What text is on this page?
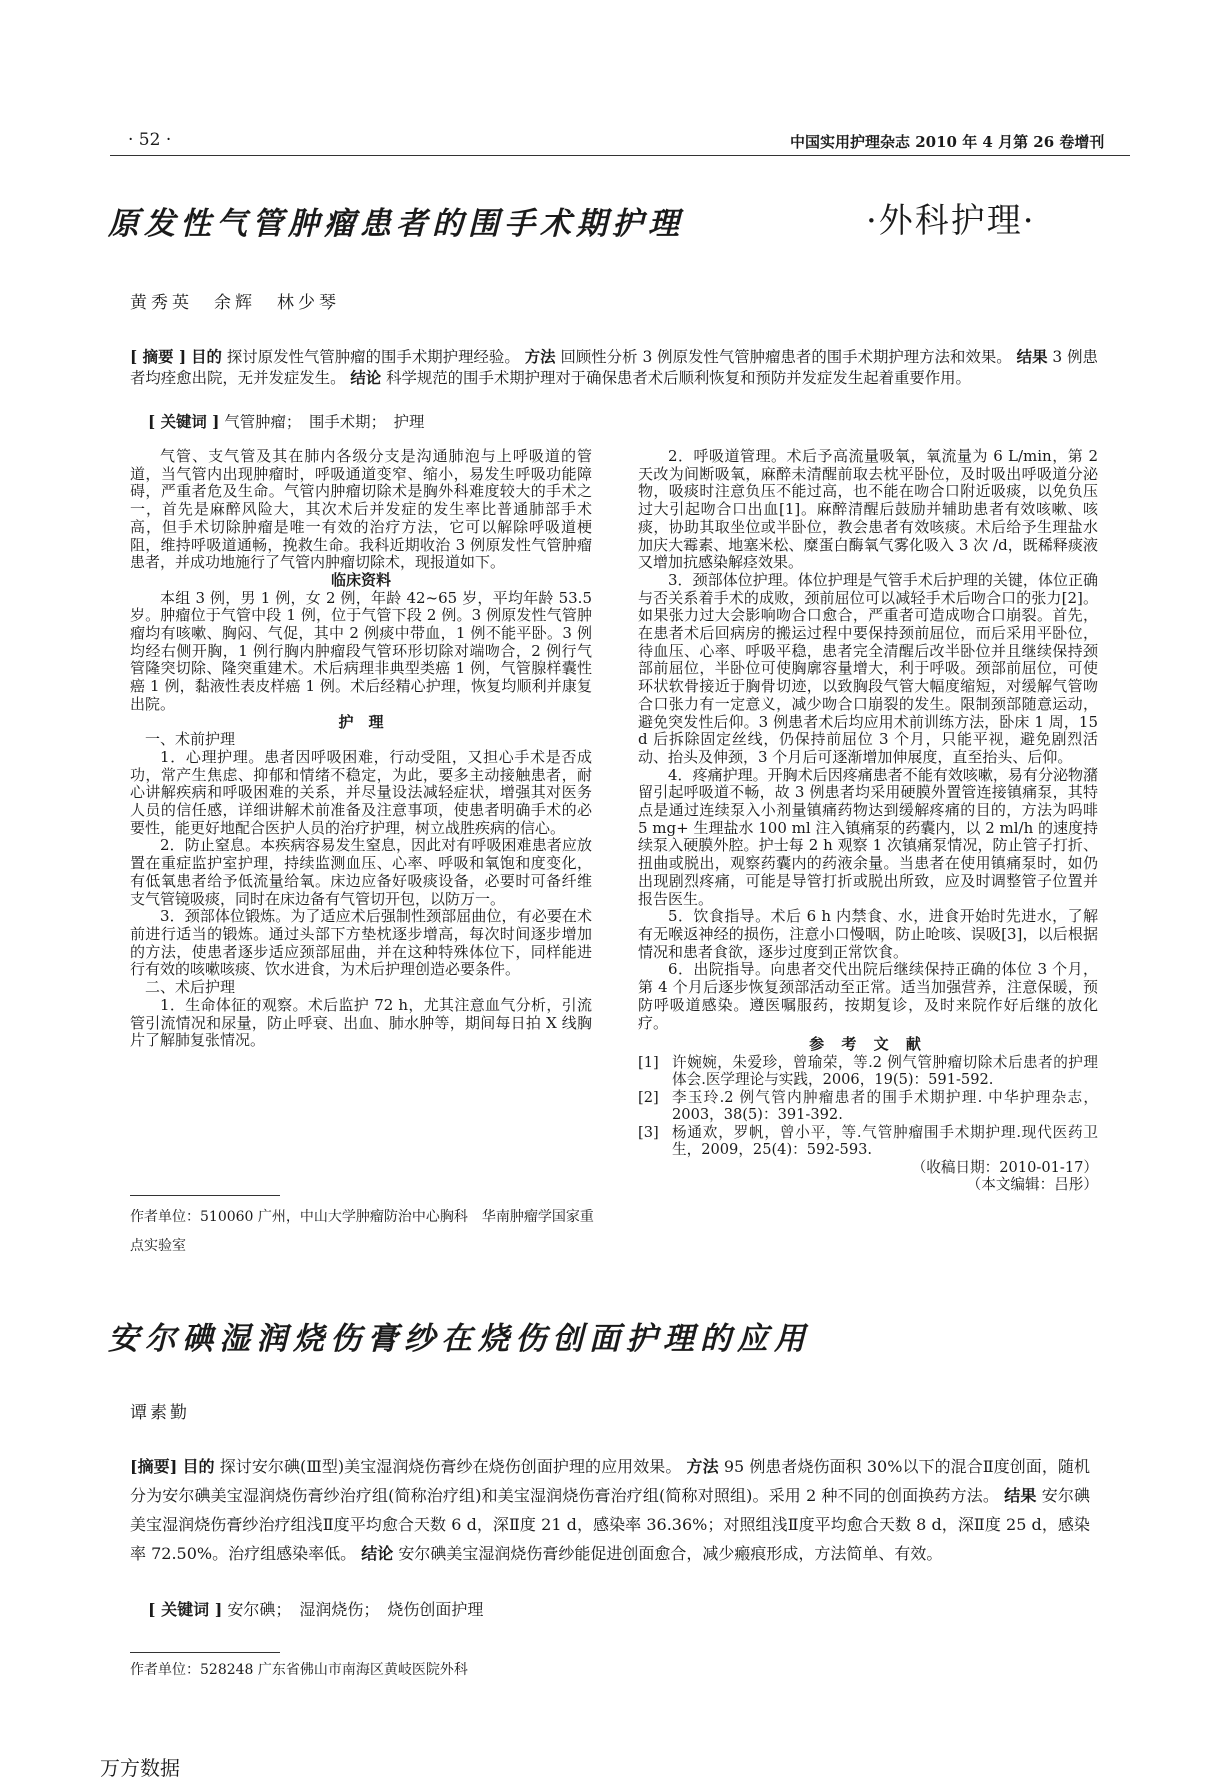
· 52 ·	中国实用护理杂志 2010 年 4 月第 26 卷增刊
原发性气管肿瘤患者的围手术期护理	·外科护理·
黄秀英　余辉　林少琴
[ 摘要 ] 目的 探讨原发性气管肿瘤的围手术期护理经验。 方法 回顾性分析 3 例原发性气管肿瘤患者的围手术期护理方法和效果。 结果 3 例患者均痊愈出院，无并发症发生。 结论 科学规范的围手术期护理对于确保患者术后顺利恢复和预防并发症发生起着重要作用。
[ 关键词 ] 气管肿瘤；　围手术期；　护理

气管、支气管及其在肺内各级分支是沟通肺泡与上呼吸道的管道，当气管内出现肿瘤时，呼吸通道变窄、缩小，易发生呼吸功能障碍，严重者危及生命。气管内肿瘤切除术是胸外科难度较大的手术之一，首先是麻醉风险大，其次术后并发症的发生率比普通肺部手术高，但手术切除肿瘤是唯一有效的治疗方法，它可以解除呼吸道梗阻，维持呼吸道通畅，挽救生命。我科近期收治 3 例原发性气管肿瘤患者，并成功地施行了气管内肿瘤切除术，现报道如下。

临床资料

本组 3 例，男 1 例，女 2 例，年龄 42~65 岁，平均年龄 53.5 岁。肿瘤位于气管中段 1 例，位于气管下段 2 例。3 例原发性气管肿瘤均有咳嗽、胸闷、气促，其中 2 例痰中带血，1 例不能平卧。3 例均经右侧开胸，1 例行胸内肿瘤段气管环形切除对端吻合，2 例行气管隆突切除、隆突重建术。术后病理非典型类癌 1 例，气管腺样囊性癌 1 例，黏液性表皮样癌 1 例。术后经精心护理，恢复均顺利并康复出院。

护　理

一、术前护理

1．心理护理。患者因呼吸困难，行动受阻，又担心手术是否成功，常产生焦虑、抑郁和情绪不稳定，为此，要多主动接触患者，耐心讲解疾病和呼吸困难的关系，并尽量设法减轻症状，增强其对医务人员的信任感，详细讲解术前准备及注意事项，使患者明确手术的必要性，能更好地配合医护人员的治疗护理，树立战胜疾病的信心。

2．防止窒息。本疾病容易发生窒息，因此对有呼吸困难患者应放置在重症监护室护理，持续监测血压、心率、呼吸和氧饱和度变化，有低氧患者给予低流量给氧。床边应备好吸痰设备，必要时可备纤维支气管镜吸痰，同时在床边备有气管切开包，以防万一。

3．颈部体位锻炼。为了适应术后强制性颈部屈曲位，有必要在术前进行适当的锻炼。通过头部下方垫枕逐步增高，每次时间逐步增加的方法，使患者逐步适应颈部屈曲，并在这种特殊体位下，同样能进行有效的咳嗽咳痰、饮水进食，为术后护理创造必要条件。

二、术后护理

1．生命体征的观察。术后监护 72 h，尤其注意血气分析，引流管引流情况和尿量，防止呼衰、出血、肺水肿等，期间每日拍 X 线胸片了解肺复张情况。

2．呼吸道管理。术后予高流量吸氧，氧流量为 6 L/min，第 2 天改为间断吸氧，麻醉未清醒前取去枕平卧位，及时吸出呼吸道分泌物，吸痰时注意负压不能过高，也不能在吻合口附近吸痰，以免负压过大引起吻合口出血[1]。麻醉清醒后鼓励并辅助患者有效咳嗽、咳痰，协助其取坐位或半卧位，教会患者有效咳痰。术后给予生理盐水加庆大霉素、地塞米松、糜蛋白酶氧气雾化吸入 3 次 /d，既稀释痰液又增加抗感染解痉效果。

3．颈部体位护理。体位护理是气管手术后护理的关键，体位正确与否关系着手术的成败，颈前屈位可以减轻手术后吻合口的张力[2]。如果张力过大会影响吻合口愈合，严重者可造成吻合口崩裂。首先，在患者术后回病房的搬运过程中要保持颈前屈位，而后采用平卧位，待血压、心率、呼吸平稳，患者完全清醒后改半卧位并且继续保持颈部前屈位，半卧位可使胸廓容量增大，利于呼吸。颈部前屈位，可使环状软骨接近于胸骨切迹，以致胸段气管大幅度缩短，对缓解气管吻合口张力有一定意义，减少吻合口崩裂的发生。限制颈部随意运动，避免突发性后仰。3 例患者术后均应用术前训练方法，卧床 1 周，15 d 后拆除固定丝线，仍保持前屈位 3 个月，只能平视，避免剧烈活动、抬头及伸颈，3 个月后可逐渐增加伸展度，直至抬头、后仰。

4．疼痛护理。开胸术后因疼痛患者不能有效咳嗽，易有分泌物潴留引起呼吸道不畅，故 3 例患者均采用硬膜外置管连接镇痛泵，其特点是通过连续泵入小剂量镇痛药物达到缓解疼痛的目的，方法为吗啡 5 mg+ 生理盐水 100 ml 注入镇痛泵的药囊内，以 2 ml/h 的速度持续泵入硬膜外腔。护士每 2 h 观察 1 次镇痛泵情况，防止管子打折、扭曲或脱出，观察药囊内的药液余量。当患者在使用镇痛泵时，如仍出现剧烈疼痛，可能是导管打折或脱出所致，应及时调整管子位置并报告医生。

5．饮食指导。术后 6 h 内禁食、水，进食开始时先进水，了解有无喉返神经的损伤，注意小口慢咽，防止呛咳、误吸[3]，以后根据情况和患者食欲，逐步过度到正常饮食。

6．出院指导。向患者交代出院后继续保持正确的体位 3 个月，第 4 个月后逐步恢复颈部活动至正常。适当加强营养，注意保暖，预防呼吸道感染。遵医嘱服药，按期复诊，及时来院作好后继的放化疗。

参 考 文 献

[1] 许婉婉，朱爱珍，曾瑜荣，等.2 例气管肿瘤切除术后患者的护理体会.医学理论与实践，2006，19(5)：591-592.
[2] 李玉玲.2 例气管内肿瘤患者的围手术期护理. 中华护理杂志，2003，38(5)：391-392.
[3] 杨通欢，罗帆，曾小平，等.气管肿瘤围手术期护理.现代医药卫生，2009，25(4)：592-593.
（收稿日期：2010-01-17）
（本文编辑：吕彤）
作者单位：510060 广州，中山大学肿瘤防治中心胸科　华南肿瘤学国家重点实验室
安尔碘湿润烧伤膏纱在烧伤创面护理的应用
谭素勤
[摘要] 目的 探讨安尔碘(Ⅲ型)美宝湿润烧伤膏纱在烧伤创面护理的应用效果。 方法 95 例患者烧伤面积 30%以下的混合Ⅱ度创面，随机分为安尔碘美宝湿润烧伤膏纱治疗组(简称治疗组)和美宝湿润烧伤膏治疗组(简称对照组)。采用 2 种不同的创面换药方法。 结果 安尔碘美宝湿润烧伤膏纱治疗组浅Ⅱ度平均愈合天数 6 d，深Ⅱ度 21 d，感染率 36.36%；对照组浅Ⅱ度平均愈合天数 8 d，深Ⅱ度 25 d，感染率 72.50%。治疗组感染率低。 结论 安尔碘美宝湿润烧伤膏纱能促进创面愈合，减少瘢痕形成，方法简单、有效。
[ 关键词 ] 安尔碘；　湿润烧伤；　烧伤创面护理
作者单位：528248 广东省佛山市南海区黄岐医院外科
万方数据
